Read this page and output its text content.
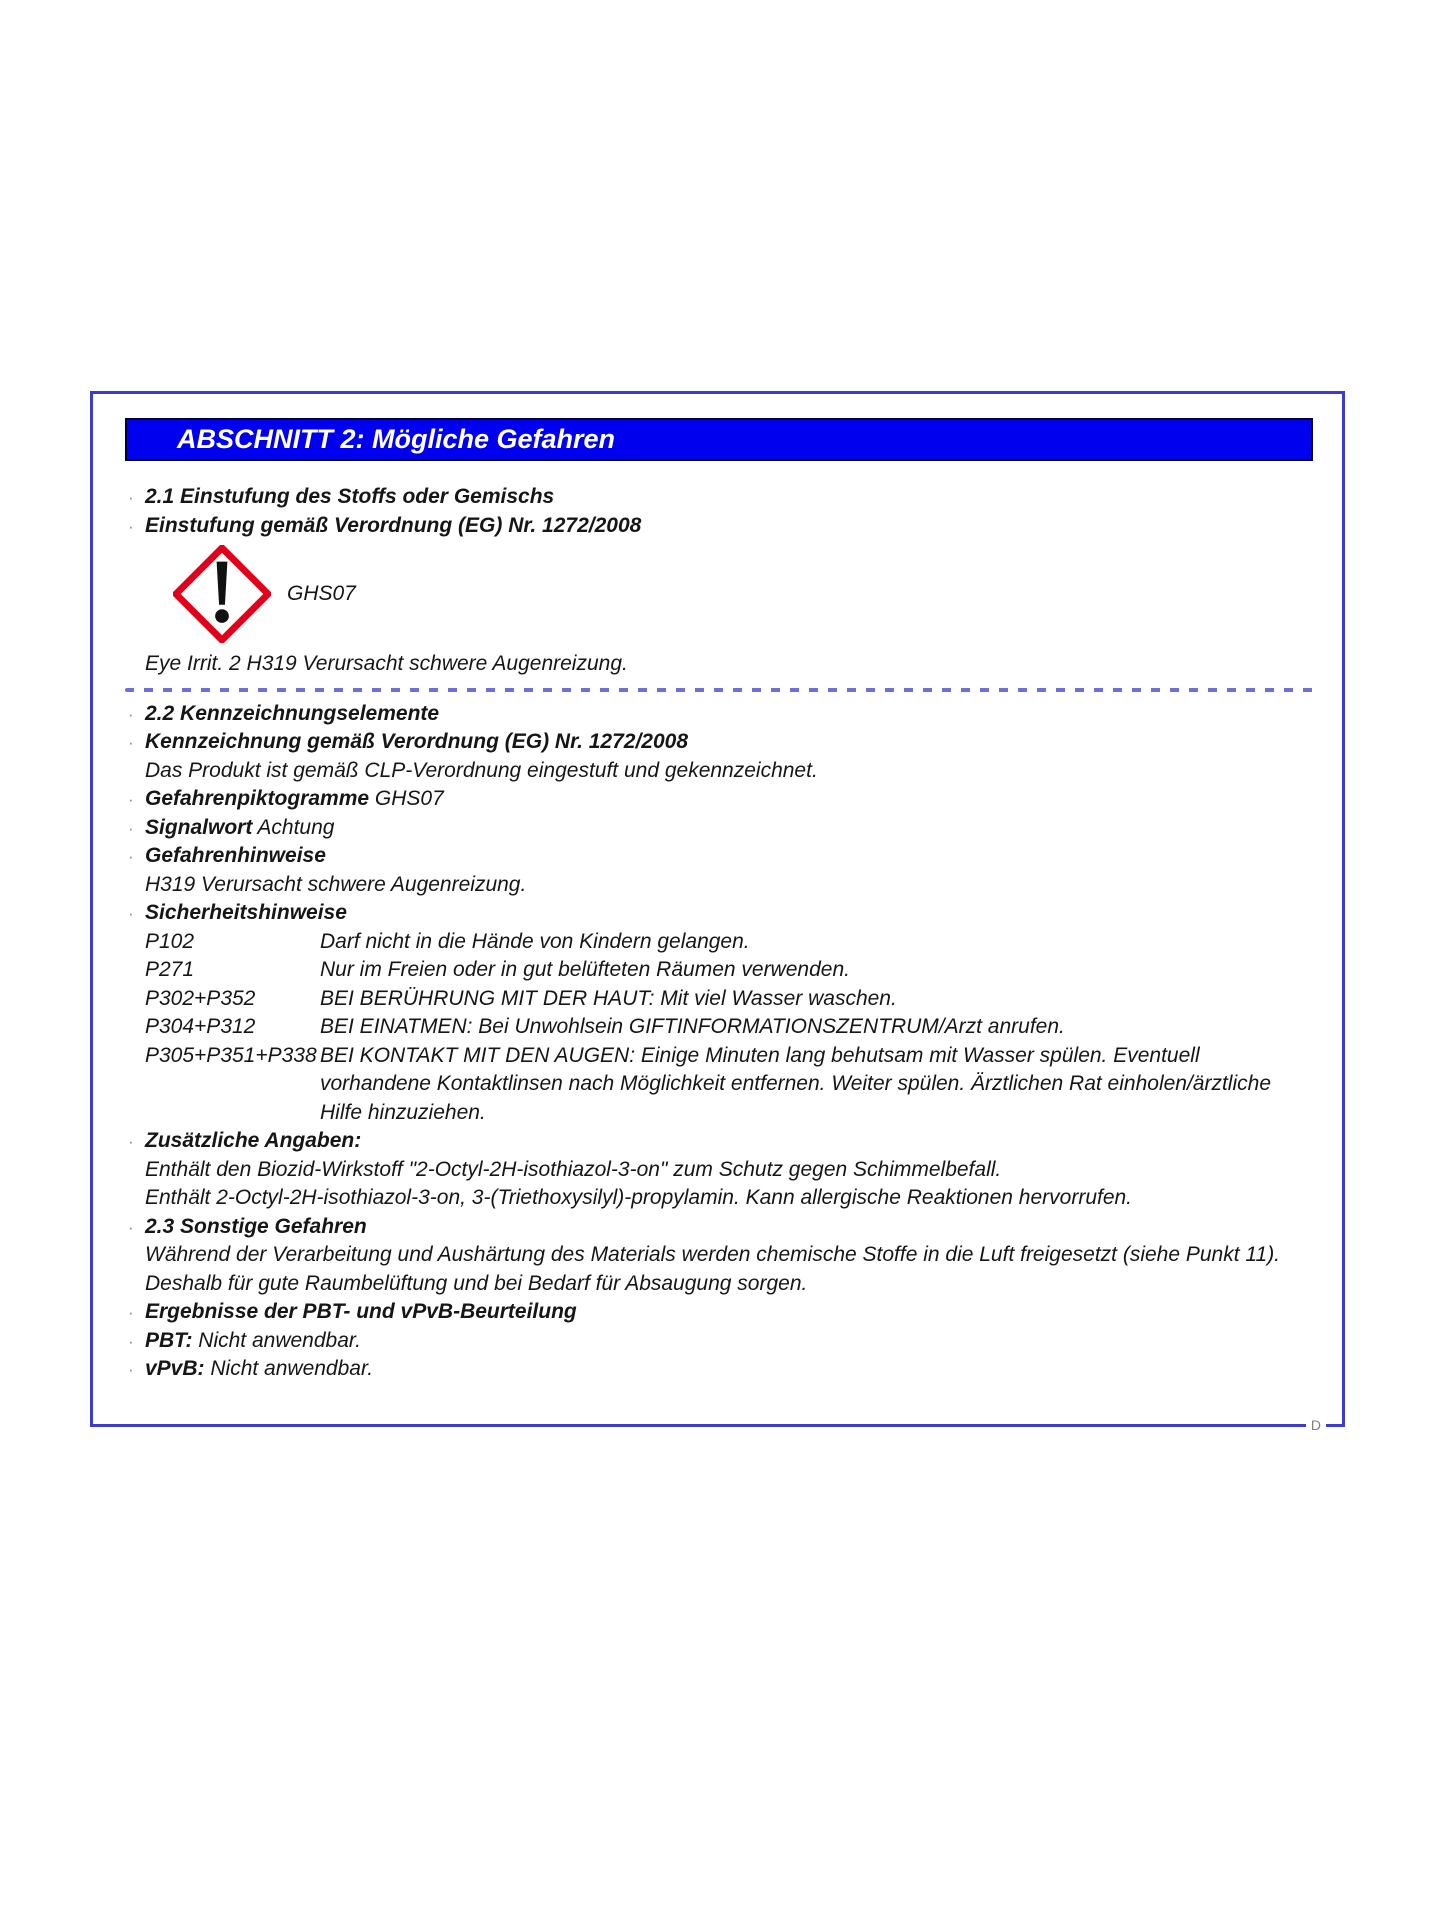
ABSCHNITT 2: Mögliche Gefahren
· 2.1 Einstufung des Stoffs oder Gemischs
· Einstufung gemäß Verordnung (EG) Nr. 1272/2008
GHS07
Eye Irrit. 2 H319 Verursacht schwere Augenreizung.
· 2.2 Kennzeichnungselemente
· Kennzeichnung gemäß Verordnung (EG) Nr. 1272/2008
Das Produkt ist gemäß CLP-Verordnung eingestuft und gekennzeichnet.
· Gefahrenpiktogramme GHS07
· Signalwort Achtung
· Gefahrenhinweise
H319 Verursacht schwere Augenreizung.
· Sicherheitshinweise
P102	Darf nicht in die Hände von Kindern gelangen.
P271	Nur im Freien oder in gut belüfteten Räumen verwenden.
P302+P352	BEI BERÜHRUNG MIT DER HAUT: Mit viel Wasser waschen.
P304+P312	BEI EINATMEN: Bei Unwohlsein GIFTINFORMATIONSZENTRUM/Arzt anrufen.
P305+P351+P338 BEI KONTAKT MIT DEN AUGEN: Einige Minuten lang behutsam mit Wasser spülen. Eventuell vorhandene Kontaktlinsen nach Möglichkeit entfernen. Weiter spülen. Ärztlichen Rat einholen/ärztliche Hilfe hinzuziehen.
· Zusätzliche Angaben:
Enthält den Biozid-Wirkstoff "2-Octyl-2H-isothiazol-3-on" zum Schutz gegen Schimmelbefall.
Enthält 2-Octyl-2H-isothiazol-3-on, 3-(Triethoxysilyl)-propylamin. Kann allergische Reaktionen hervorrufen.
· 2.3 Sonstige Gefahren
Während der Verarbeitung und Aushärtung des Materials werden chemische Stoffe in die Luft freigesetzt (siehe Punkt 11). Deshalb für gute Raumbelüftung und bei Bedarf für Absaugung sorgen.
· Ergebnisse der PBT- und vPvB-Beurteilung
· PBT: Nicht anwendbar.
· vPvB: Nicht anwendbar.
D
